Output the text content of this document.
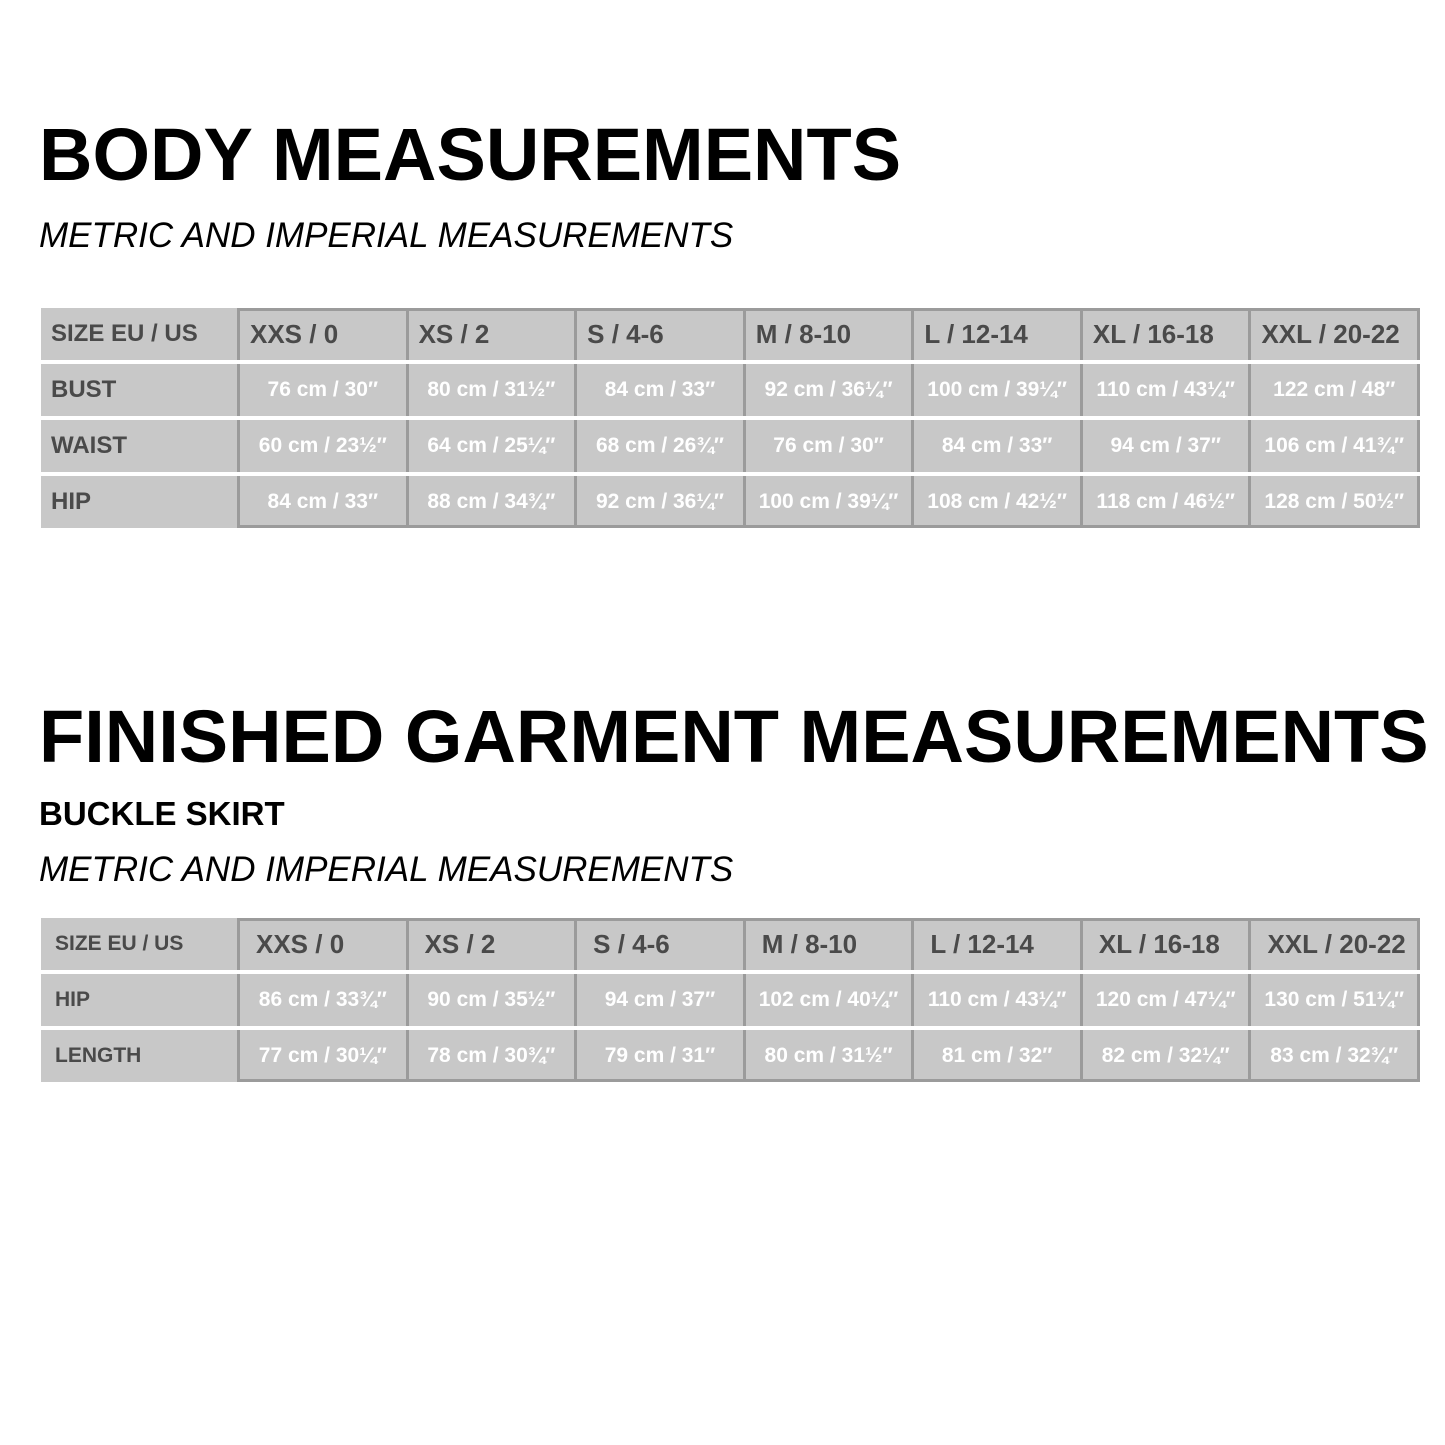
BODY MEASUREMENTS

METRIC AND IMPERIAL MEASUREMENTS

SIZE EU / US	XXS / 0	XS / 2	S / 4-6	M / 8-10	L / 12-14	XL / 16-18	XXL / 20-22
BUST	76 cm / 30″	80 cm / 31½″	84 cm / 33″	92 cm / 36¼″	100 cm / 39¼″	110 cm / 43¼″	122 cm / 48″
WAIST	60 cm / 23½″	64 cm / 25¼″	68 cm / 26¾″	76 cm / 30″	84 cm / 33″	94 cm / 37″	106 cm / 41¾″
HIP	84 cm / 33″	88 cm / 34¾″	92 cm / 36¼″	100 cm / 39¼″	108 cm / 42½″	118 cm / 46½″	128 cm / 50½″
FINISHED GARMENT MEASUREMENTS

BUCKLE SKIRT

METRIC AND IMPERIAL MEASUREMENTS

SIZE EU / US	XXS / 0	XS / 2	S / 4-6	M / 8-10	L / 12-14	XL / 16-18	XXL / 20-22
HIP	86 cm / 33¾″	90 cm / 35½″	94 cm / 37″	102 cm / 40¼″	110 cm / 43¼″	120 cm / 47¼″	130 cm / 51¼″
LENGTH	77 cm / 30¼″	78 cm / 30¾″	79 cm / 31″	80 cm / 31½″	81 cm / 32″	82 cm / 32¼″	83 cm / 32¾″
